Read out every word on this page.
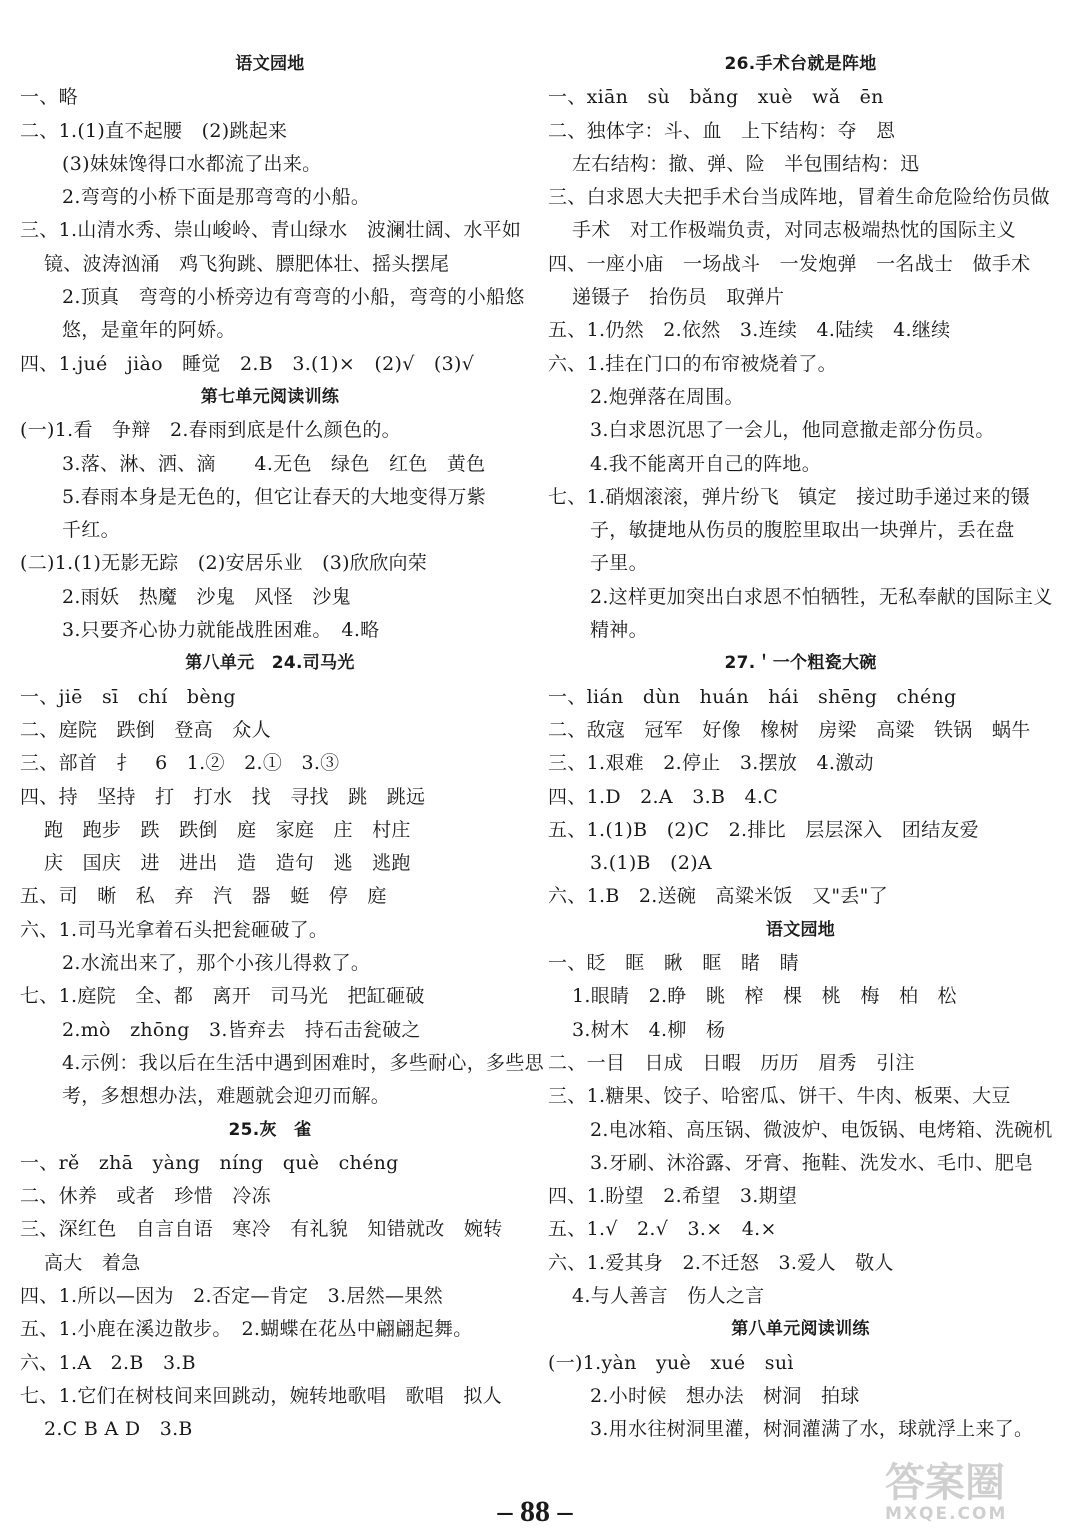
语文园地
一、略
二、1.(1)直不起腰　(2)跳起来
(3)妹妹馋得口水都流了出来。
2.弯弯的小桥下面是那弯弯的小船。
三、1.山清水秀、崇山峻岭、青山绿水　波澜壮阔、水平如
镜、波涛汹涌　鸡飞狗跳、膘肥体壮、摇头摆尾
2.顶真　弯弯的小桥旁边有弯弯的小船，弯弯的小船悠
悠，是童年的阿娇。
四、1.jué　jiào　睡觉　2.B　3.(1)×　(2)√　(3)√
第七单元阅读训练
(一)1.看　争辩　2.春雨到底是什么颜色的。
3.落、淋、洒、滴　　4.无色　绿色　红色　黄色
5.春雨本身是无色的，但它让春天的大地变得万紫
千红。
(二)1.(1)无影无踪　(2)安居乐业　(3)欣欣向荣
2.雨妖　热魔　沙鬼　风怪　沙鬼
3.只要齐心协力就能战胜困难。　4.略
第八单元　24.司马光
一、jiē　sī　chí　bèng
二、庭院　跌倒　登高　众人
三、部首　扌　6　1.②　2.①　3.③
四、持　坚持　打　打水　找　寻找　跳　跳远
跑　跑步　跌　跌倒　庭　家庭　庄　村庄
庆　国庆　进　进出　造　造句　逃　逃跑
五、司　晰　私　弃　汽　器　蜓　停　庭
六、1.司马光拿着石头把瓮砸破了。
2.水流出来了，那个小孩儿得救了。
七、1.庭院　全、都　离开　司马光　把缸砸破
2.mò　zhōng　3.皆弃去　持石击瓮破之
4.示例：我以后在生活中遇到困难时，多些耐心，多些思
考，多想想办法，难题就会迎刃而解。
25.灰　雀
一、rě　zhā　yàng　níng　què　chéng
二、休养　或者　珍惜　冷冻
三、深红色　自言自语　寒冷　有礼貌　知错就改　婉转
高大　着急
四、1.所以—因为　2.否定—肯定　3.居然—果然
五、1.小鹿在溪边散步。　2.蝴蝶在花丛中翩翩起舞。
六、1.A　2.B　3.B
七、1.它们在树枝间来回跳动，婉转地歌唱　歌唱　拟人
2.C B A D　3.B
26.手术台就是阵地
一、xiān　sù　bǎng　xuè　wǎ　ēn
二、独体字：斗、血　上下结构：夺　恩
左右结构：撤、弹、险　半包围结构：迅
三、白求恩大夫把手术台当成阵地，冒着生命危险给伤员做
手术　对工作极端负责，对同志极端热忱的国际主义
四、一座小庙　一场战斗　一发炮弹　一名战士　做手术
递镊子　抬伤员　取弹片
五、1.仍然　2.依然　3.连续　4.陆续　4.继续
六、1.挂在门口的布帘被烧着了。
2.炮弹落在周围。
3.白求恩沉思了一会儿，他同意撤走部分伤员。
4.我不能离开自己的阵地。
七、1.硝烟滚滚，弹片纷飞　镇定　接过助手递过来的镊
子，敏捷地从伤员的腹腔里取出一块弹片，丢在盘
子里。
2.这样更加突出白求恩不怕牺牲，无私奉献的国际主义
精神。
27.＇一个粗瓷大碗
一、lián　dùn　huán　hái　shēng　chéng
二、敌寇　冠军　好像　橡树　房梁　高粱　铁锅　蜗牛
三、1.艰难　2.停止　3.摆放　4.激动
四、1.D　2.A　3.B　4.C
五、1.(1)B　(2)C　2.排比　层层深入　团结友爱
3.(1)B　(2)A
六、1.B　2.送碗　高粱米饭　又"丢"了
语文园地
一、眨　眶　瞅　眶　睹　睛
1.眼睛　2.睁　眺　榨　棵　桃　梅　柏　松
3.树木　4.柳　杨
二、一目　日成　日暇　历历　眉秀　引注
三、1.糖果、饺子、哈密瓜、饼干、牛肉、板栗、大豆
2.电冰箱、高压锅、微波炉、电饭锅、电烤箱、洗碗机
3.牙刷、沐浴露、牙膏、拖鞋、洗发水、毛巾、肥皂
四、1.盼望　2.希望　3.期望
五、1.√　2.√　3.×　4.×
六、1.爱其身　2.不迁怒　3.爱人　敬人
4.与人善言　伤人之言
第八单元阅读训练
(一)1.yàn　yuè　xué　suì
2.小时候　想办法　树洞　拍球
3.用水往树洞里灌，树洞灌满了水，球就浮上来了。
– 88 –
答案圈
MXQE.COM
